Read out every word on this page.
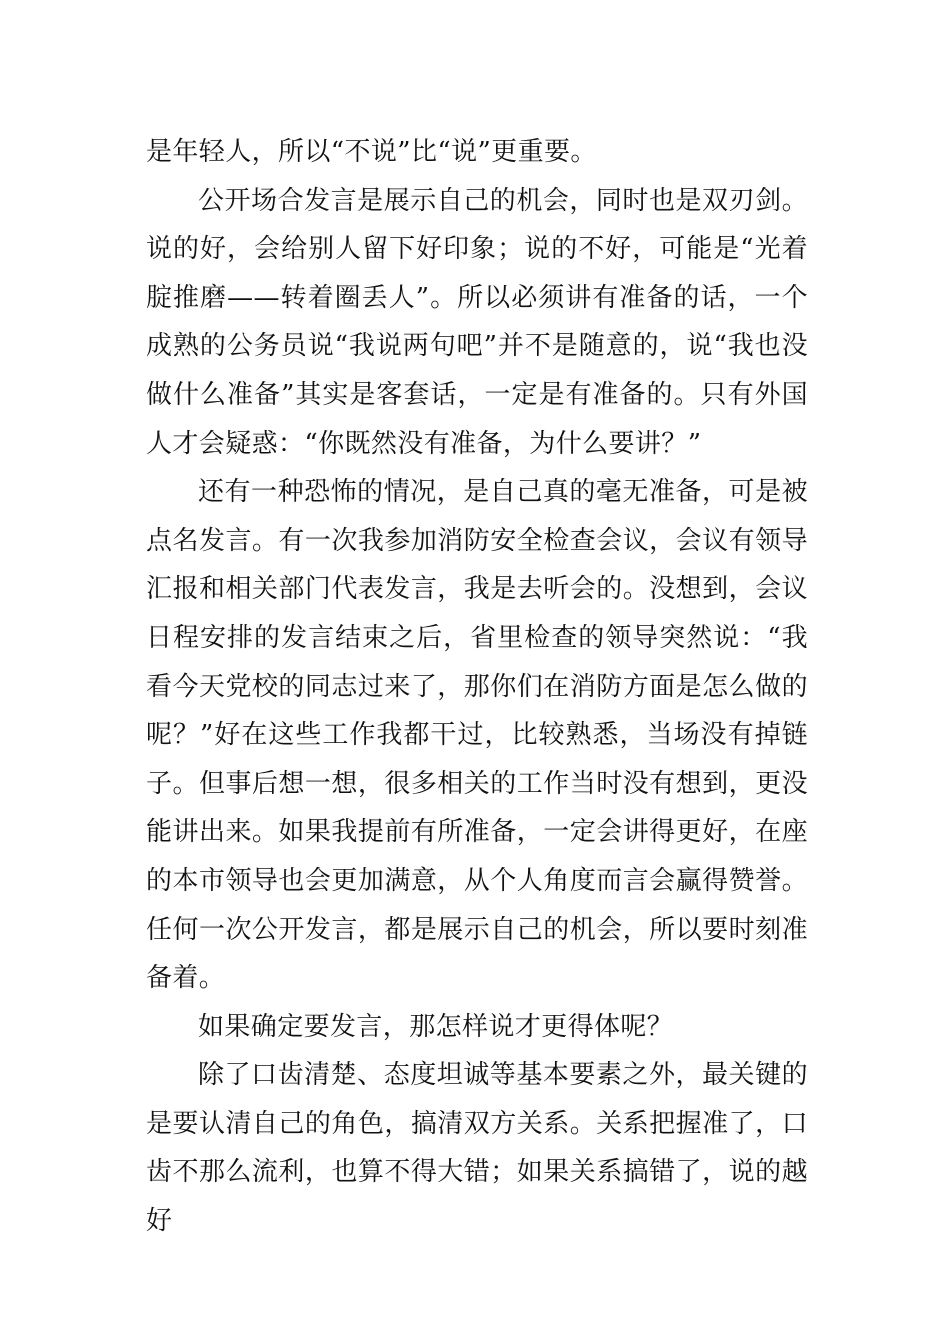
是年轻人，所以“不说”比“说”更重要。

公开场合发言是展示自己的机会，同时也是双刃剑。说的好，会给别人留下好印象；说的不好，可能是“光着腚推磨——转着圈丢人”。所以必须讲有准备的话，一个成熟的公务员说“我说两句吧”并不是随意的，说“我也没做什么准备”其实是客套话，一定是有准备的。只有外国人才会疑惑：“你既然没有准备，为什么要讲？”

还有一种恐怖的情况，是自己真的毫无准备，可是被点名发言。有一次我参加消防安全检查会议，会议有领导汇报和相关部门代表发言，我是去听会的。没想到，会议日程安排的发言结束之后，省里检查的领导突然说：“我看今天党校的同志过来了，那你们在消防方面是怎么做的呢？”好在这些工作我都干过，比较熟悉，当场没有掉链子。但事后想一想，很多相关的工作当时没有想到，更没能讲出来。如果我提前有所准备，一定会讲得更好，在座的本市领导也会更加满意，从个人角度而言会赢得赞誉。任何一次公开发言，都是展示自己的机会，所以要时刻准备着。

如果确定要发言，那怎样说才更得体呢？

除了口齿清楚、态度坦诚等基本要素之外，最关键的是要认清自己的角色，搞清双方关系。关系把握准了，口齿不那么流利，也算不得大错；如果关系搞错了，说的越好
